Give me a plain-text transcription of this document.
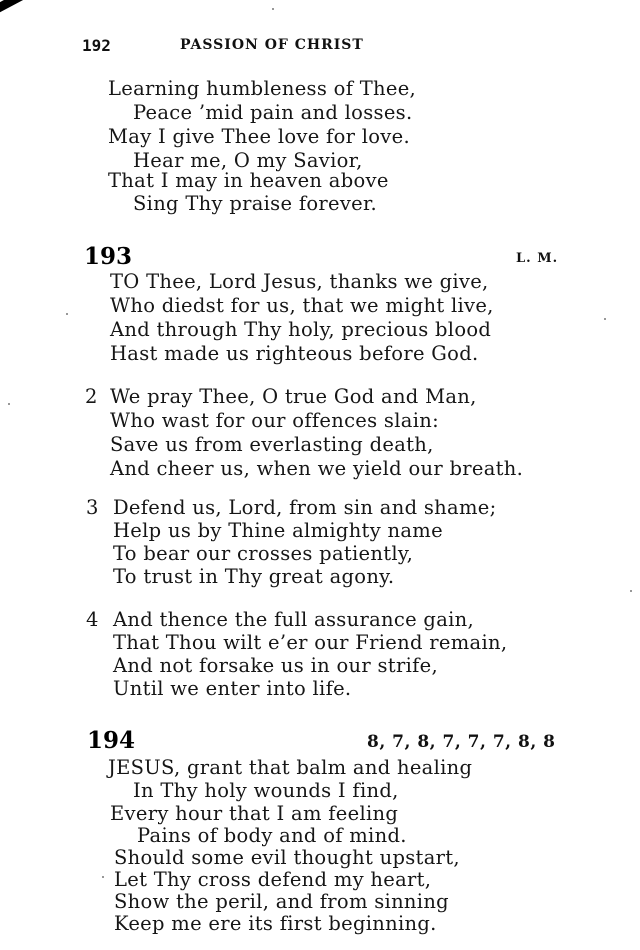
192	PASSION OF CHRIST
Learning humbleness of Thee,
Peace ’mid pain and losses.
May I give Thee love for love.
Hear me, O my Savior,
That I may in heaven above
Sing Thy praise forever.
193	L. M.
TO Thee, Lord Jesus, thanks we give,
Who diedst for us, that we might live,
And through Thy holy, precious blood
Hast made us righteous before God.
2 We pray Thee, O true God and Man,
Who wast for our offences slain:
Save us from everlasting death,
And cheer us, when we yield our breath.
3 Defend us, Lord, from sin and shame;
Help us by Thine almighty name
To bear our crosses patiently,
To trust in Thy great agony.
4 And thence the full assurance gain,
That Thou wilt e’er our Friend remain,
And not forsake us in our strife,
Until we enter into life.
194	8, 7, 8, 7, 7, 7, 8, 8
JESUS, grant that balm and healing
In Thy holy wounds I find,
Every hour that I am feeling
Pains of body and of mind.
Should some evil thought upstart,
Let Thy cross defend my heart,
Show the peril, and from sinning
Keep me ere its first beginning.
